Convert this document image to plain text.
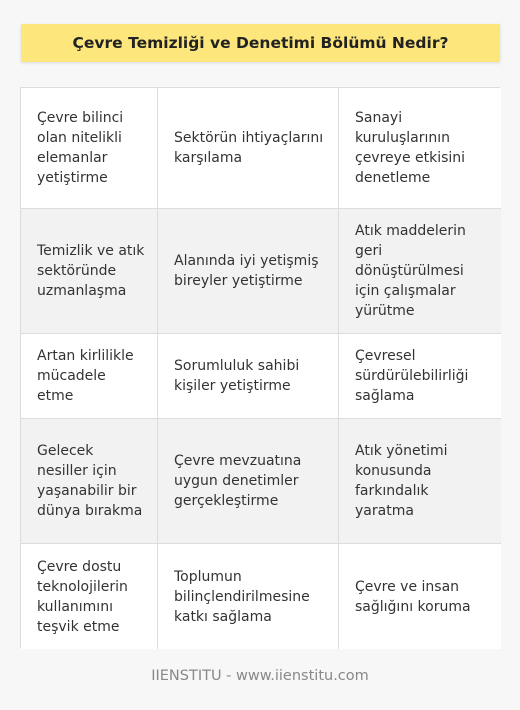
Çevre Temizliği ve Denetimi Bölümü Nedir?
Çevre bilinci olan nitelikli elemanlar yetiştirme
Sektörün ihtiyaçlarını karşılama
Sanayi kuruluşlarının çevreye etkisini denetleme
Temizlik ve atık sektöründe uzmanlaşma
Alanında iyi yetişmiş bireyler yetiştirme
Atık maddelerin geri dönüştürülmesi için çalışmalar yürütme
Artan kirlilikle mücadele etme
Sorumluluk sahibi kişiler yetiştirme
Çevresel sürdürülebilirliği sağlama
Gelecek nesiller için yaşanabilir bir dünya bırakma
Çevre mevzuatına uygun denetimler gerçekleştirme
Atık yönetimi konusunda farkındalık yaratma
Çevre dostu teknolojilerin kullanımını teşvik etme
Toplumun bilinçlendirilmesine katkı sağlama
Çevre ve insan sağlığını koruma
IIENSTITU - www.iienstitu.com
